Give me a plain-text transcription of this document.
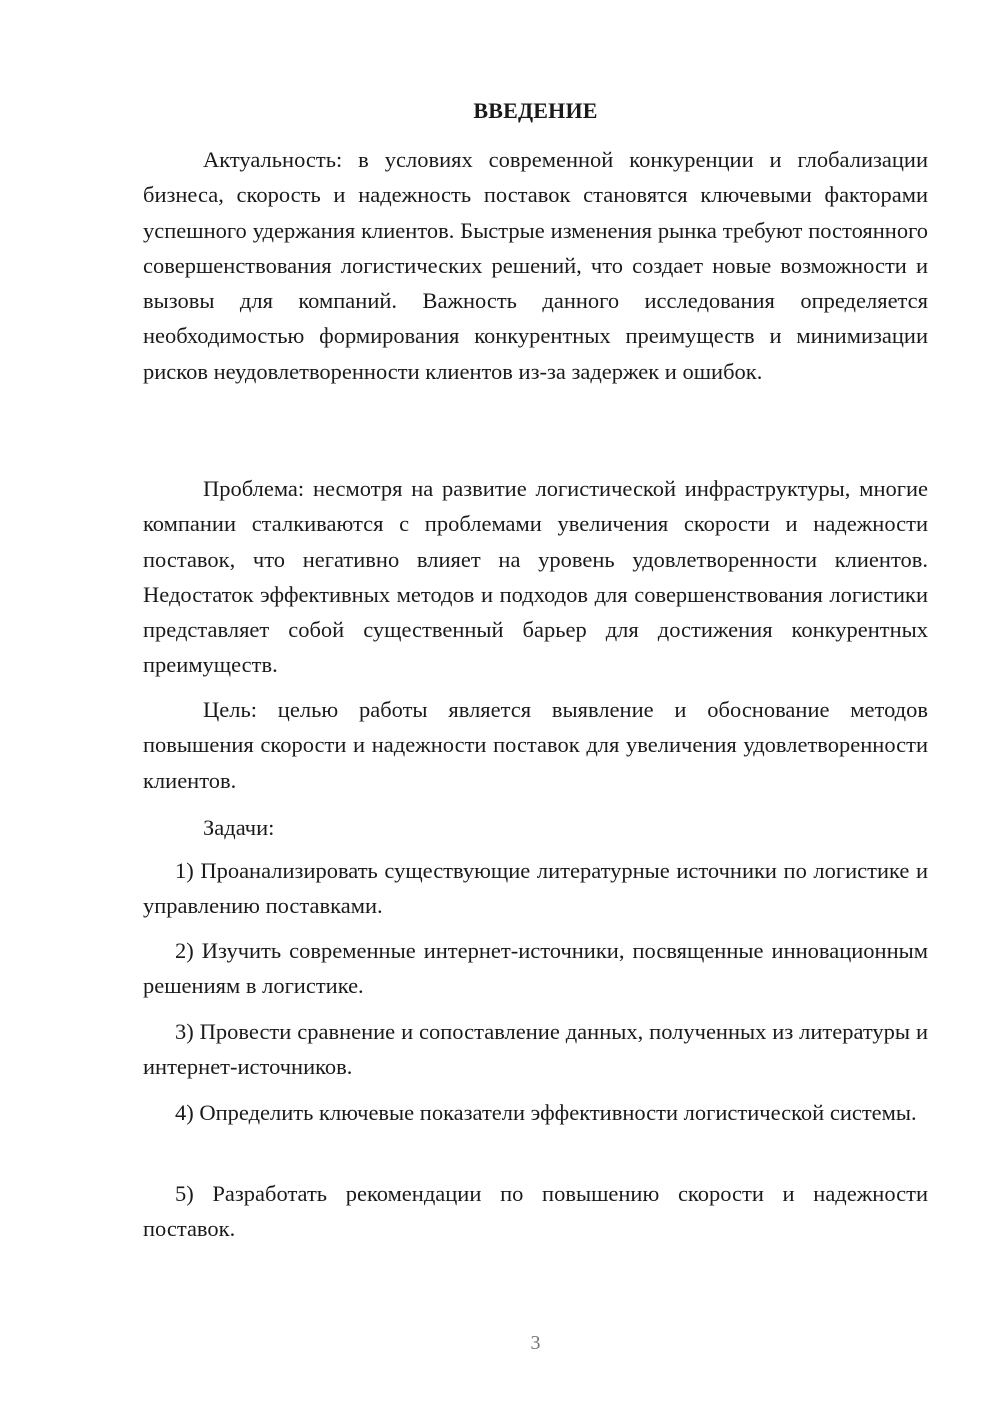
ВВЕДЕНИЕ

Актуальность: в условиях современной конкуренции и глобализации бизнеса, скорость и надежность поставок становятся ключевыми факторами успешного удержания клиентов. Быстрые изменения рынка требуют постоянного совершенствования логистических решений, что создает новые возможности и вызовы для компаний. Важность данного исследования определяется необходимостью формирования конкурентных преимуществ и минимизации рисков неудовлетворенности клиентов из-за задержек и ошибок.

Проблема: несмотря на развитие логистической инфраструктуры, многие компании сталкиваются с проблемами увеличения скорости и надежности поставок, что негативно влияет на уровень удовлетворенности клиентов. Недостаток эффективных методов и подходов для совершенствования логистики представляет собой существенный барьер для достижения конкурентных преимуществ.

Цель: целью работы является выявление и обоснование методов повышения скорости и надежности поставок для увеличения удовлетворенности клиентов.

Задачи:

1) Проанализировать существующие литературные источники по логистике и управлению поставками.

2) Изучить современные интернет-источники, посвященные инновационным решениям в логистике.

3) Провести сравнение и сопоставление данных, полученных из литературы и интернет-источников.

4) Определить ключевые показатели эффективности логистической системы.

5) Разработать рекомендации по повышению скорости и надежности поставок.

3
